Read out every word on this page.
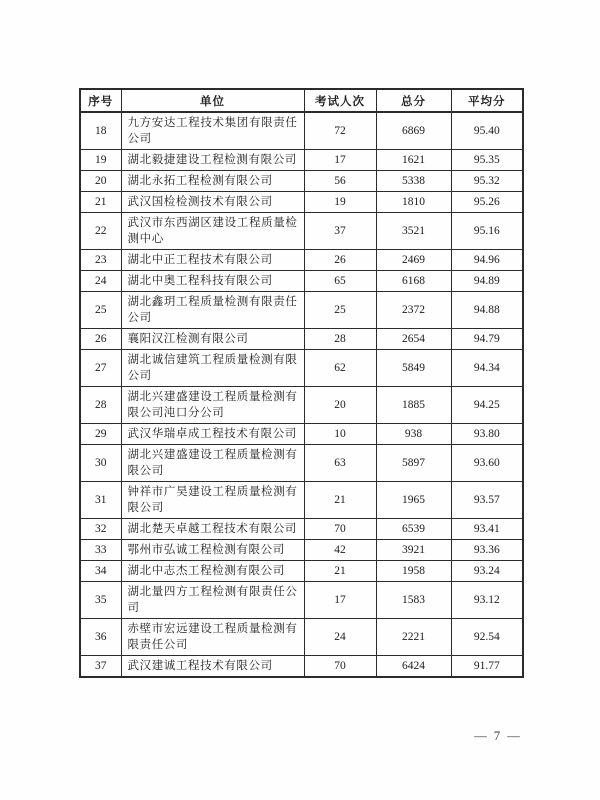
序号	单位	考试人次	总分	平均分
18	九方安达工程技术集团有限责任公司	72	6869	95.40
19	湖北毅捷建设工程检测有限公司	17	1621	95.35
20	湖北永拓工程检测有限公司	56	5338	95.32
21	武汉国检检测技术有限公司	19	1810	95.26
22	武汉市东西湖区建设工程质量检测中心	37	3521	95.16
23	湖北中正工程技术有限公司	26	2469	94.96
24	湖北中奥工程科技有限公司	65	6168	94.89
25	湖北鑫玥工程质量检测有限责任公司	25	2372	94.88
26	襄阳汉江检测有限公司	28	2654	94.79
27	湖北诚信建筑工程质量检测有限公司	62	5849	94.34
28	湖北兴建盛建设工程质量检测有限公司沌口分公司	20	1885	94.25
29	武汉华瑞卓成工程技术有限公司	10	938	93.80
30	湖北兴建盛建设工程质量检测有限公司	63	5897	93.60
31	钟祥市广昊建设工程质量检测有限公司	21	1965	93.57
32	湖北楚天卓越工程技术有限公司	70	6539	93.41
33	鄂州市弘诚工程检测有限公司	42	3921	93.36
34	湖北中志杰工程检测有限公司	21	1958	93.24
35	湖北量四方工程检测有限责任公司	17	1583	93.12
36	赤壁市宏远建设工程质量检测有限责任公司	24	2221	92.54
37	武汉建诚工程技术有限公司	70	6424	91.77
— 7 —
